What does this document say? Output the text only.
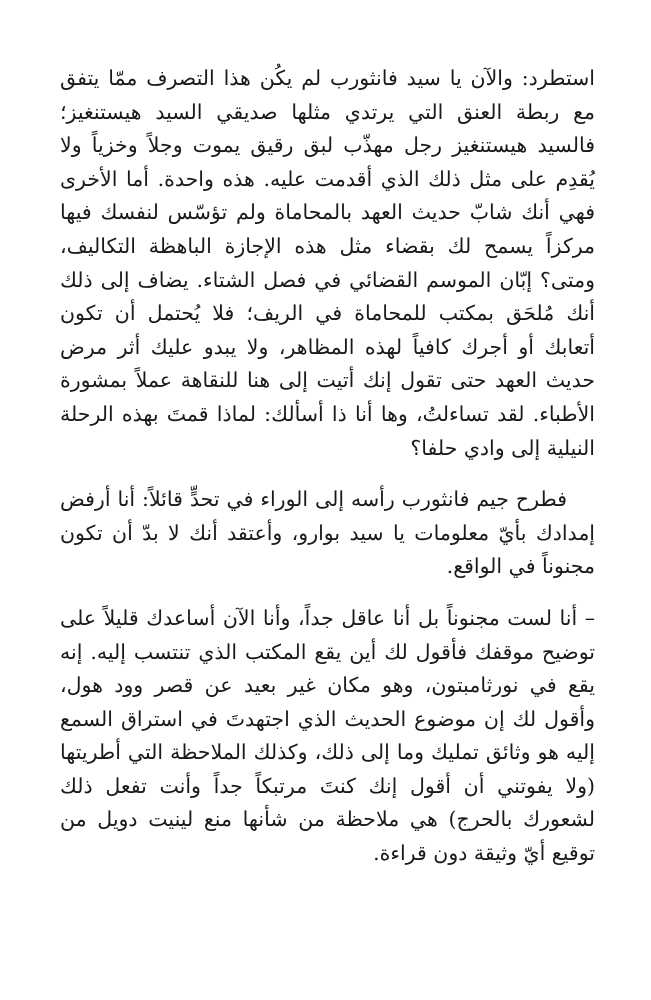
استطرد: والآن يا سيد فانثورب لم يكُن هذا التصرف ممّا يتفق مع ربطة العنق التي يرتدي مثلها صديقي السيد هيستنغيز؛ فالسيد هيستنغيز رجل مهذّب لبق رقيق يموت وجلاً وخزياً ولا يُقدِم على مثل ذلك الذي أقدمت عليه. هذه واحدة. أما الأخرى فهي أنك شابّ حديث العهد بالمحاماة ولم تؤسّس لنفسك فيها مركزاً يسمح لك بقضاء مثل هذه الإجازة الباهظة التكاليف، ومتى؟ إبّان الموسم القضائي في فصل الشتاء. يضاف إلى ذلك أنك مُلحَق بمكتب للمحاماة في الريف؛ فلا يُحتمل أن تكون أتعابك أو أجرك كافياً لهذه المظاهر، ولا يبدو عليك أثر مرض حديث العهد حتى تقول إنك أتيت إلى هنا للنقاهة عملاً بمشورة الأطباء. لقد تساءلتُ، وها أنا ذا أسألك: لماذا قمتَ بهذه الرحلة النيلية إلى وادي حلفا؟

فطرح جيم فانثورب رأسه إلى الوراء في تحدٍّ قائلاً: أنا أرفض إمدادك بأيّ معلومات يا سيد بوارو، وأعتقد أنك لا بدّ أن تكون مجنوناً في الواقع.

– أنا لست مجنوناً بل أنا عاقل جداً، وأنا الآن أساعدك قليلاً على توضيح موقفك فأقول لك أين يقع المكتب الذي تنتسب إليه. إنه يقع في نورثامبتون، وهو مكان غير بعيد عن قصر وود هول، وأقول لك إن موضوع الحديث الذي اجتهدتَ في استراق السمع إليه هو وثائق تمليك وما إلى ذلك، وكذلك الملاحظة التي أطريتها (ولا يفوتني أن أقول إنك كنتَ مرتبكاً جداً وأنت تفعل ذلك لشعورك بالحرج) هي ملاحظة من شأنها منع لينيت دويل من توقيع أيّ وثيقة دون قراءة.
